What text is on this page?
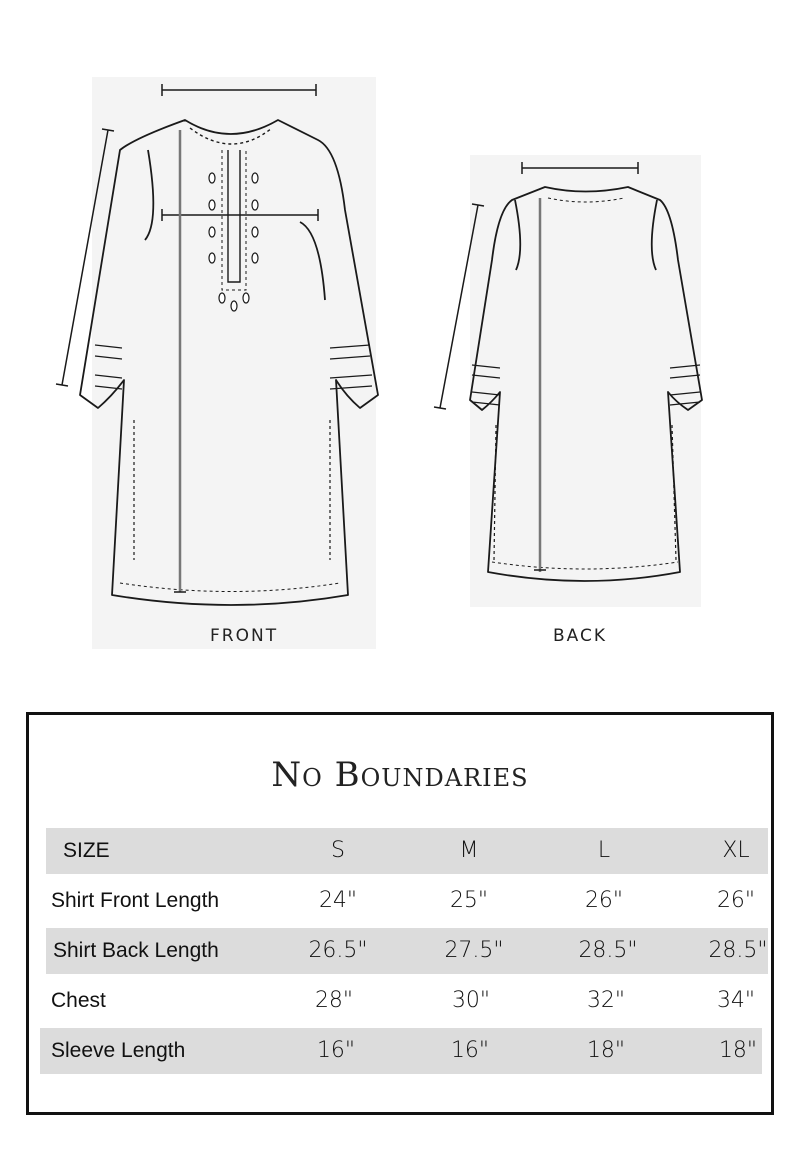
FRONT	BACK
No Boundaries
SIZE	S	M	L	XL
Shirt Front Length	24"	25"	26"	26"
Shirt Back Length	26.5"	27.5"	28.5"	28.5"
Chest	28"	30"	32"	34"
Sleeve Length	16"	16"	18"	18"
